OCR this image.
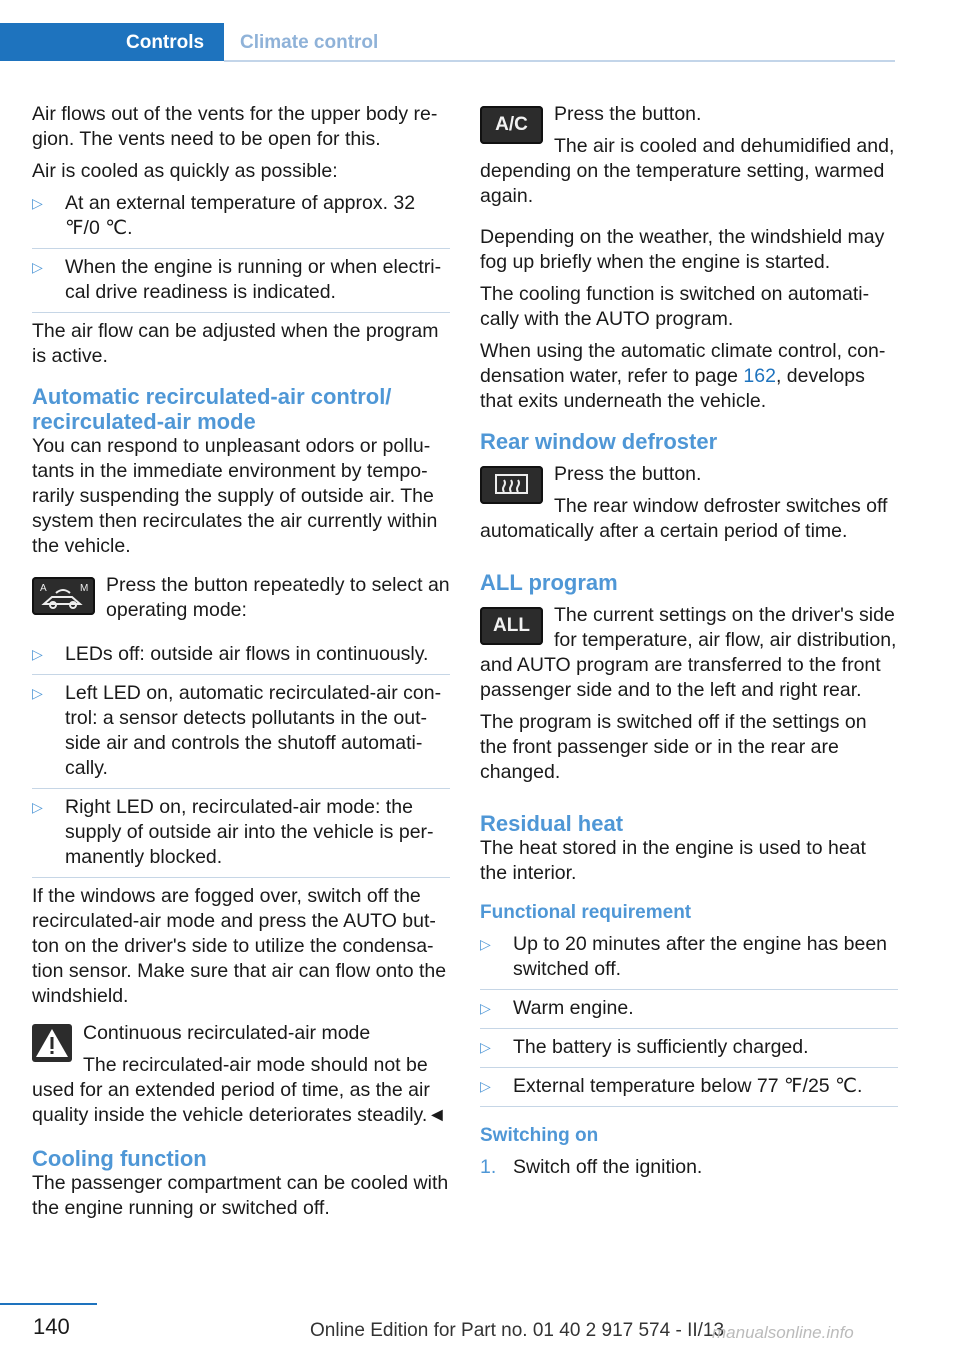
Controls Climate control

Air flows out of the vents for the upper body region. The vents need to be open for this.

Air is cooled as quickly as possible:

▷ At an external temperature of approx. 32 ℉/0 ℃.
▷ When the engine is running or when electrical drive readiness is indicated.

The air flow can be adjusted when the program is active.

Automatic recirculated-air control/ recirculated-air mode

You can respond to unpleasant odors or pollutants in the immediate environment by temporarily suspending the supply of outside air. The system then recirculates the air currently within the vehicle.

A	M Press the button repeatedly to select an operating mode:

▷ LEDs off: outside air flows in continuously.
▷ Left LED on, automatic recirculated-air control: a sensor detects pollutants in the outside air and controls the shutoff automatically.
▷ Right LED on, recirculated-air mode: the supply of outside air into the vehicle is permanently blocked.

If the windows are fogged over, switch off the recirculated-air mode and press the AUTO button on the driver's side to utilize the condensation sensor. Make sure that air can flow onto the windshield.

Continuous recirculated-air mode

The recirculated-air mode should not be used for an extended period of time, as the air quality inside the vehicle deteriorates steadily.◄

Cooling function

The passenger compartment can be cooled with the engine running or switched off.

A/C	Press the button.

The air is cooled and dehumidified and, depending on the temperature setting, warmed again.

Depending on the weather, the windshield may fog up briefly when the engine is started.

The cooling function is switched on automatically with the AUTO program.

When using the automatic climate control, condensation water, refer to page 162, develops that exits underneath the vehicle.

Rear window defroster

Press the button.

The rear window defroster switches off automatically after a certain period of time.

ALL program
ALL	The current settings on the driver's side for temperature, air flow, air distribution, and AUTO program are transferred to the front passenger side and to the left and right rear.

The program is switched off if the settings on the front passenger side or in the rear are changed.

Residual heat

The heat stored in the engine is used to heat the interior.

Functional requirement
▷ Up to 20 minutes after the engine has been switched off.
▷ Warm engine.
▷ The battery is sufficiently charged.
▷ External temperature below 77 ℉/25 ℃.
Switching on
1. Switch off the ignition.
140	Online Edition for Part no. 01 40 2 917 574 - II/13
manualsonline.info
